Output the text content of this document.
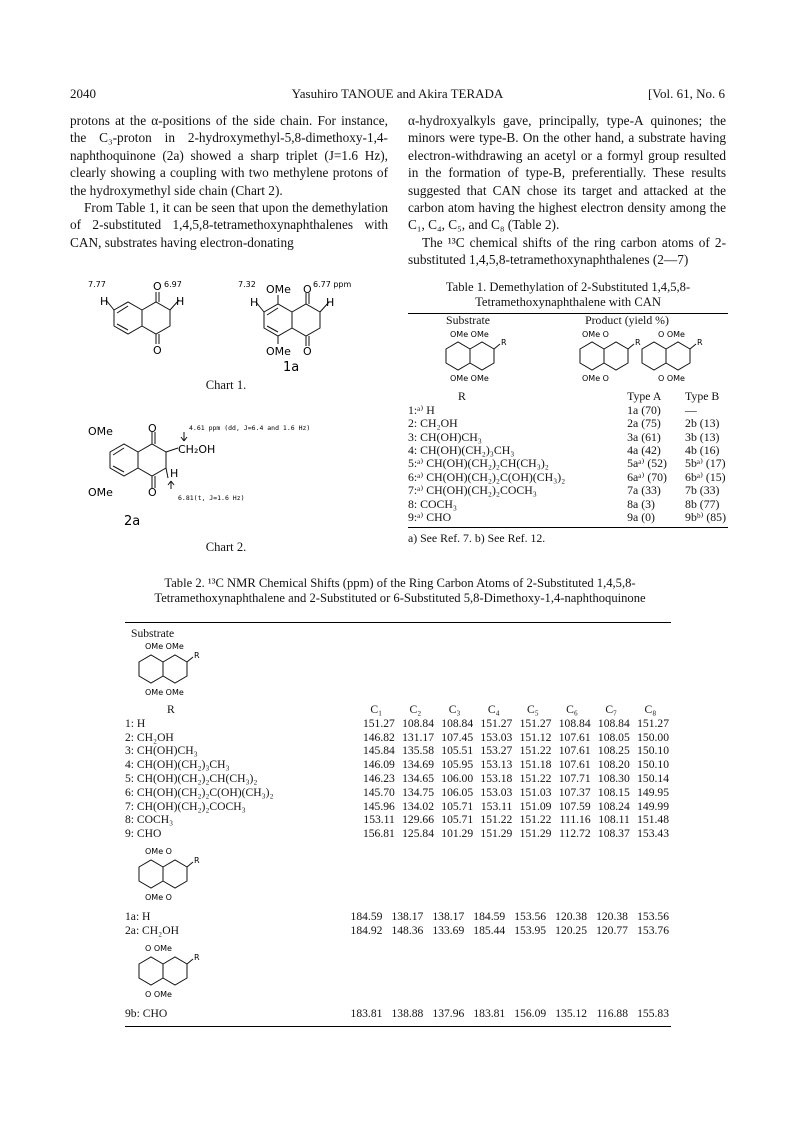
2040	Yasuhiro TANOUE and Akira TERADA	[Vol. 61, No. 6

protons at the α-positions of the side chain. For instance, the C₃-proton in 2-hydroxymethyl-5,8-dimethoxy-1,4-naphthoquinone (2a) showed a sharp triplet (J=1.6 Hz), clearly showing a coupling with two methylene protons of the hydroxymethyl side chain (Chart 2).

From Table 1, it can be seen that upon the demethylation of 2-substituted 1,4,5,8-tetramethoxynaphthalenes with CAN, substrates having electron-donating

α-hydroxyalkyls gave, principally, type-A quinones; the minors were type-B. On the other hand, a substrate having electron-withdrawing an acetyl or a formyl group resulted in the formation of type-B, preferentially. These results suggested that CAN chose its target and attacked at the carbon atom having the highest electron density among the C₁, C₄, C₅, and C₈ (Table 2).

The ¹³C chemical shifts of the ring carbon atoms of 2-substituted 1,4,5,8-tetramethoxynaphthalenes (2—7)

7.77
H
O 6.97
H
O
7.32
H
OMe O 6.77 ppm
H
OMe O
1a
Chart 1.
OMe	O
CH₂OH
H
OMe	O
4.61 ppm (dd, J=6.4 and 1.6 Hz)
6.81(t, J=1.6 Hz)
2a
Chart 2.
Table 1. Demethylation of 2-Substituted 1,4,5,8-Tetramethoxynaphthalene with CAN
Substrate	Product (yield %)
OMe OMe
R
OMe OMe
OMe O
R
OMe O
O OMe
R
O OMe
R	Type A	Type B
1:ᵃ⁾ H	1a (70)	—
2: CH₂OH	2a (75)	2b (13)
3: CH(OH)CH₃	3a (61)	3b (13)
4: CH(OH)(CH₂)₃CH₃	4a (42)	4b (16)
5:ᵃ⁾ CH(OH)(CH₂)₂CH(CH₃)₂	5aᵃ⁾ (52)	5bᵃ⁾ (17)
6:ᵃ⁾ CH(OH)(CH₂)₂C(OH)(CH₃)₂	6aᵃ⁾ (70)	6bᵃ⁾ (15)
7:ᵃ⁾ CH(OH)(CH₂)₂COCH₃	7a (33)	7b (33)
8: COCH₃	8a (3)	8b (77)
9:ᵃ⁾ CHO	9a (0)	9bᵇ⁾ (85)
a) See Ref. 7. b) See Ref. 12.
Table 2. ¹³C NMR Chemical Shifts (ppm) of the Ring Carbon Atoms of 2-Substituted 1,4,5,8-Tetramethoxynaphthalene and 2-Substituted or 6-Substituted 5,8-Dimethoxy-1,4-naphthoquinone
Substrate
OMe OMe
R
OMe OMe
R	C₁	C₂	C₃	C₄	C₅	C₆	C₇	C₈
1: H	151.27	108.84	108.84	151.27	151.27	108.84	108.84	151.27
2: CH₂OH	146.82	131.17	107.45	153.03	151.12	107.61	108.05	150.00
3: CH(OH)CH₃	145.84	135.58	105.51	153.27	151.22	107.61	108.25	150.10
4: CH(OH)(CH₂)₃CH₃	146.09	134.69	105.95	153.13	151.18	107.61	108.20	150.10
5: CH(OH)(CH₂)₂CH(CH₃)₂	146.23	134.65	106.00	153.18	151.22	107.71	108.30	150.14
6: CH(OH)(CH₂)₂C(OH)(CH₃)₂	145.70	134.75	106.05	153.03	151.03	107.37	108.15	149.95
7: CH(OH)(CH₂)₂COCH₃	145.96	134.02	105.71	153.11	151.09	107.59	108.24	149.99
8: COCH₃	153.11	129.66	105.71	151.22	151.22	111.16	108.11	151.48
9: CHO	156.81	125.84	101.29	151.29	151.29	112.72	108.37	153.43
OMe O
R
OMe O
1a: H	184.59	138.17	138.17	184.59	153.56	120.38	120.38	153.56
2a: CH₂OH	184.92	148.36	133.69	185.44	153.95	120.25	120.77	153.76
O OMe
R
O OMe
9b: CHO	183.81	138.88	137.96	183.81	156.09	135.12	116.88	155.83
